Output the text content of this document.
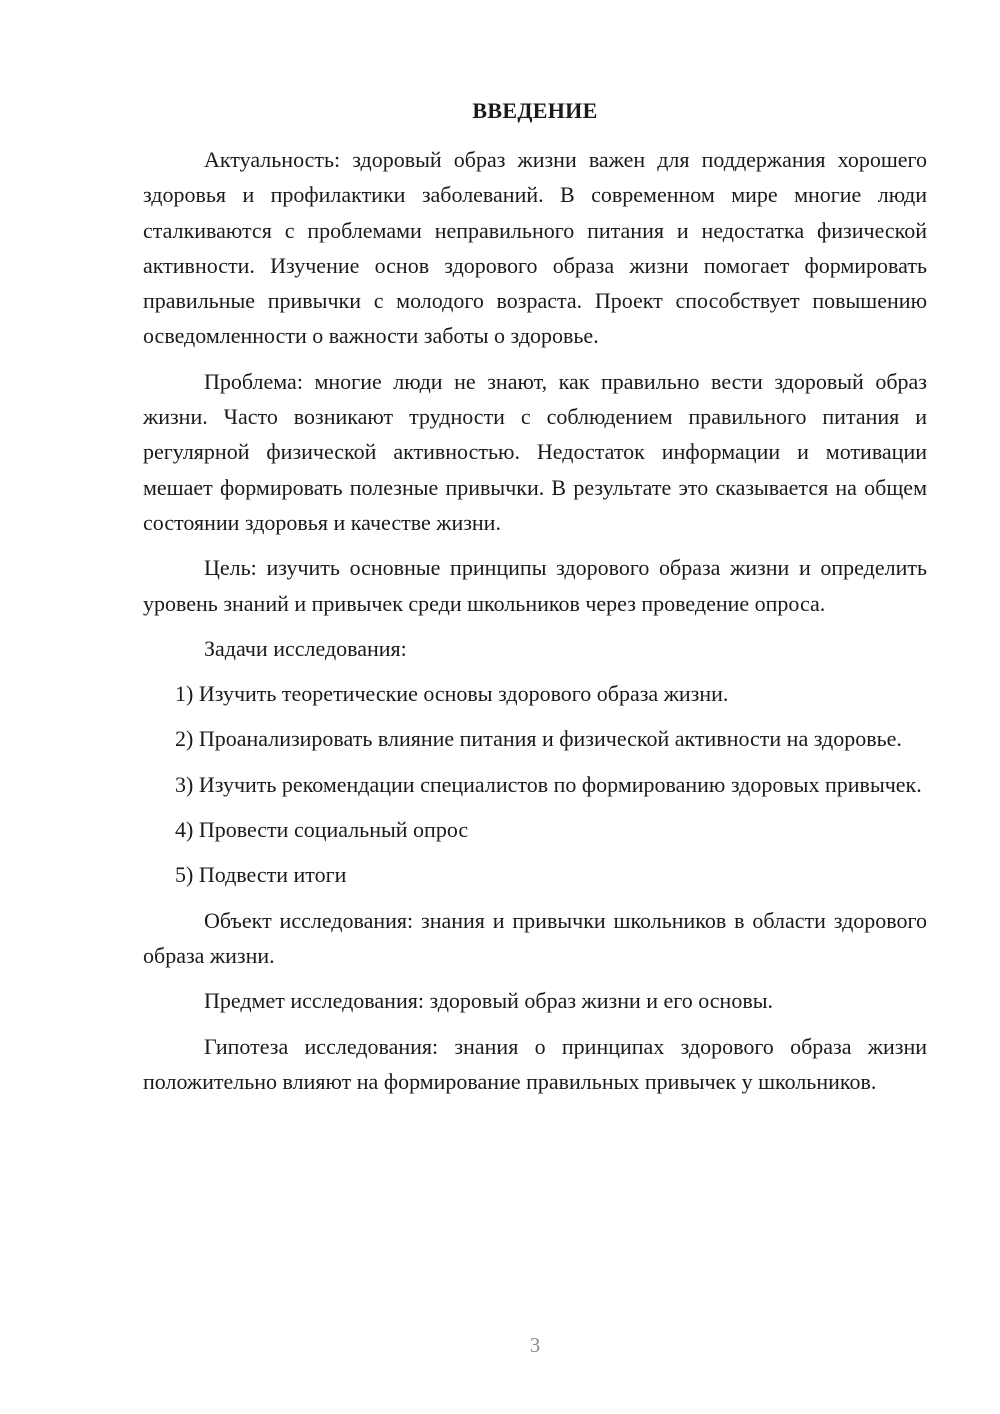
ВВЕДЕНИЕ

Актуальность: здоровый образ жизни важен для поддержания хорошего здоровья и профилактики заболеваний. В современном мире многие люди сталкиваются с проблемами неправильного питания и недостатка физической активности. Изучение основ здорового образа жизни помогает формировать правильные привычки с молодого возраста. Проект способствует повышению осведомленности о важности заботы о здоровье.

Проблема: многие люди не знают, как правильно вести здоровый образ жизни. Часто возникают трудности с соблюдением правильного питания и регулярной физической активностью. Недостаток информации и мотивации мешает формировать полезные привычки. В результате это сказывается на общем состоянии здоровья и качестве жизни.

Цель: изучить основные принципы здорового образа жизни и определить уровень знаний и привычек среди школьников через проведение опроса.

Задачи исследования:

1) Изучить теоретические основы здорового образа жизни.

2) Проанализировать влияние питания и физической активности на здоровье.

3) Изучить рекомендации специалистов по формированию здоровых привычек.

4) Провести социальный опрос

5) Подвести итоги

Объект исследования: знания и привычки школьников в области здорового образа жизни.

Предмет исследования: здоровый образ жизни и его основы.

Гипотеза исследования: знания о принципах здорового образа жизни положительно влияют на формирование правильных привычек у школьников.

3
